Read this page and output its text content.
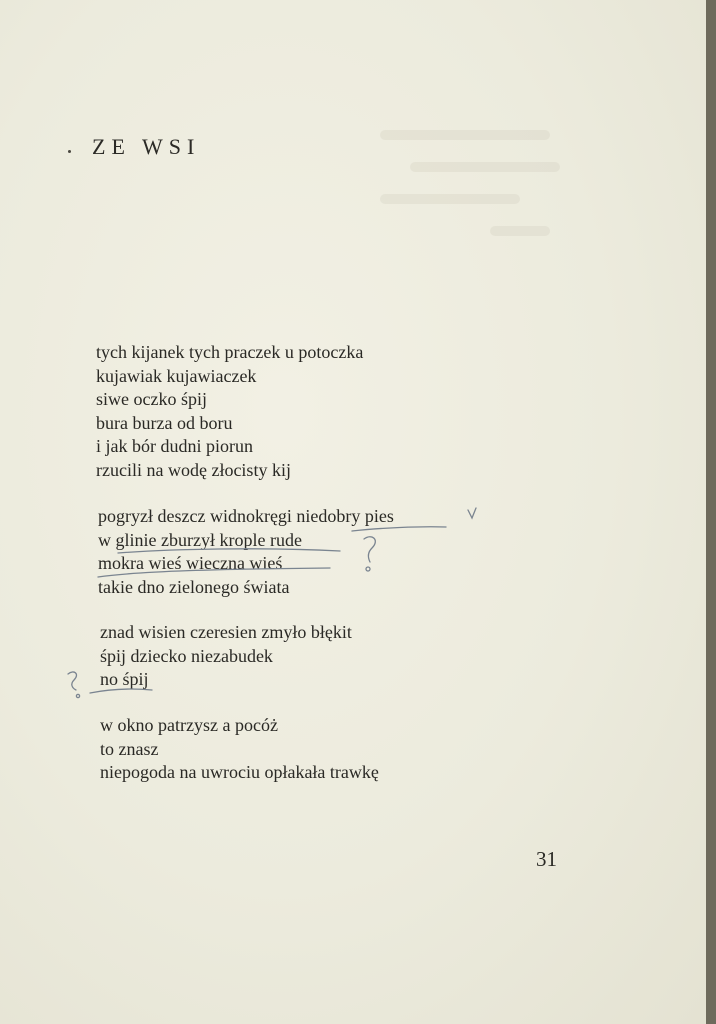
ZE WSI
tych kijanek tych praczek u potoczka
kujawiak kujawiaczek
siwe oczko śpij
bura burza od boru
i jak bór dudni piorun
rzucili na wodę złocisty kij
pogryzł deszcz widnokręgi niedobry pies
w glinie zburzył krople rude
mokra wieś wieczna wieś
takie dno zielonego świata
znad wisien czeresien zmyło błękit
śpij dziecko niezabudek
no śpij
w okno patrzysz a pocóż
to znasz
niepogoda na uwrociu opłakała trawkę
31
